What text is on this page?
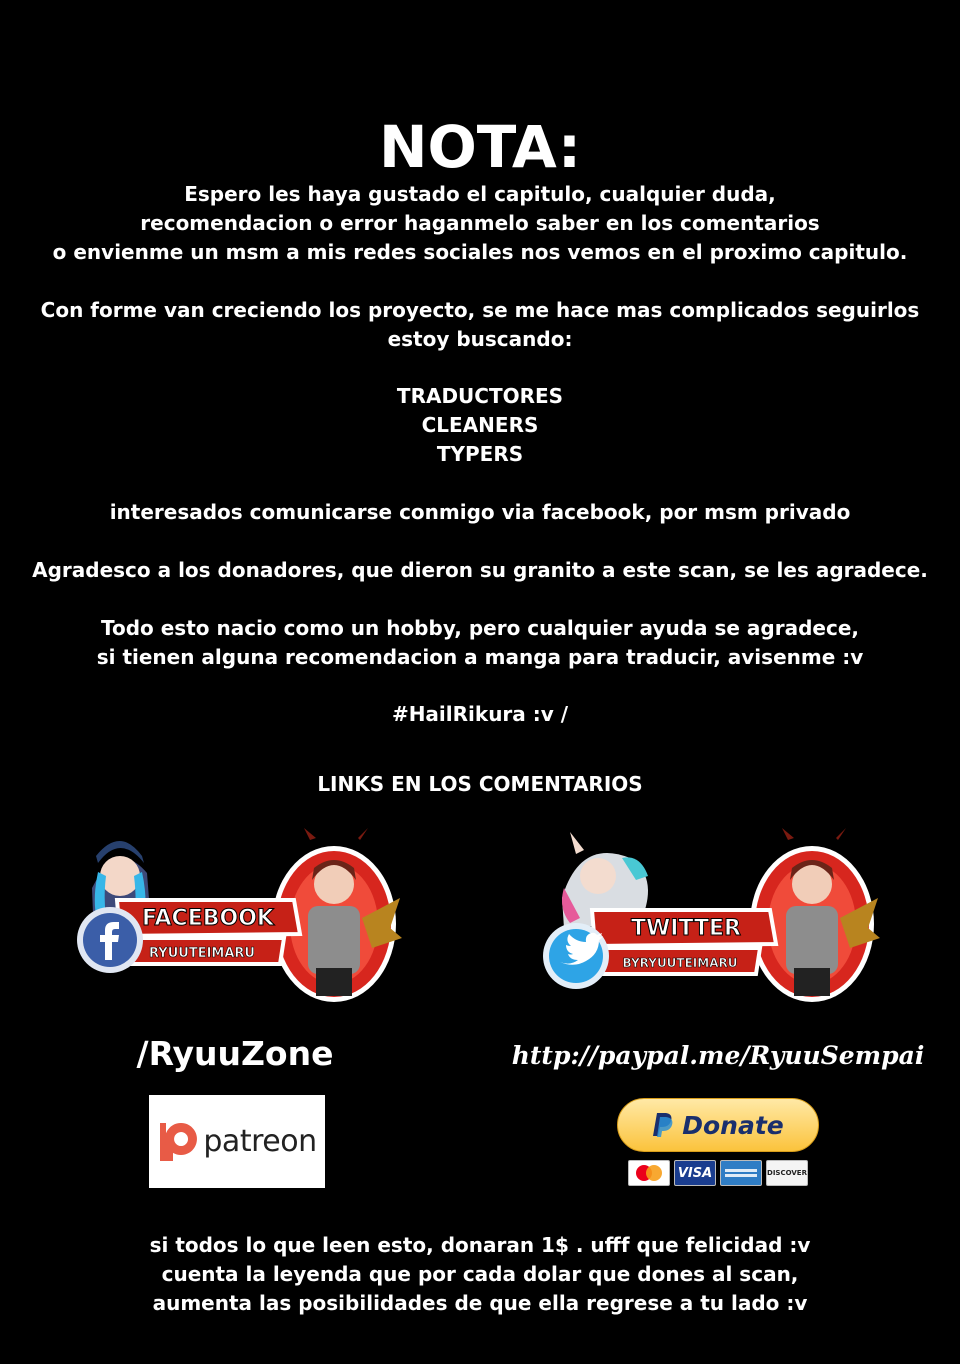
NOTA:
Espero les haya gustado el capitulo, cualquier duda,
recomendacion o error haganmelo saber en los comentarios
o envienme un msm a mis redes sociales nos vemos en el proximo capitulo.
Con forme van creciendo los proyecto, se me hace mas complicados seguirlos
estoy buscando:
TRADUCTORES
CLEANERS
TYPERS
interesados comunicarse conmigo via facebook, por msm privado
Agradesco a los donadores, que dieron su granito a este scan, se les agradece.
Todo esto nacio como un hobby, pero cualquier ayuda se agradece,
si tienen alguna recomendacion a manga para traducir, avisenme :v
#HailRikura :v /
LINKS EN LOS COMENTARIOS
FACEBOOK
RYUUTEIMARU
TWITTER
BYRYUUTEIMARU
/RyuuZone	http://paypal.me/RyuuSempai
patreon	Donate
VISA	DISCOVER
si todos lo que leen esto, donaran 1$ . ufff que felicidad :v
cuenta la leyenda que por cada dolar que dones al scan,
aumenta las posibilidades de que ella regrese a tu lado :v
